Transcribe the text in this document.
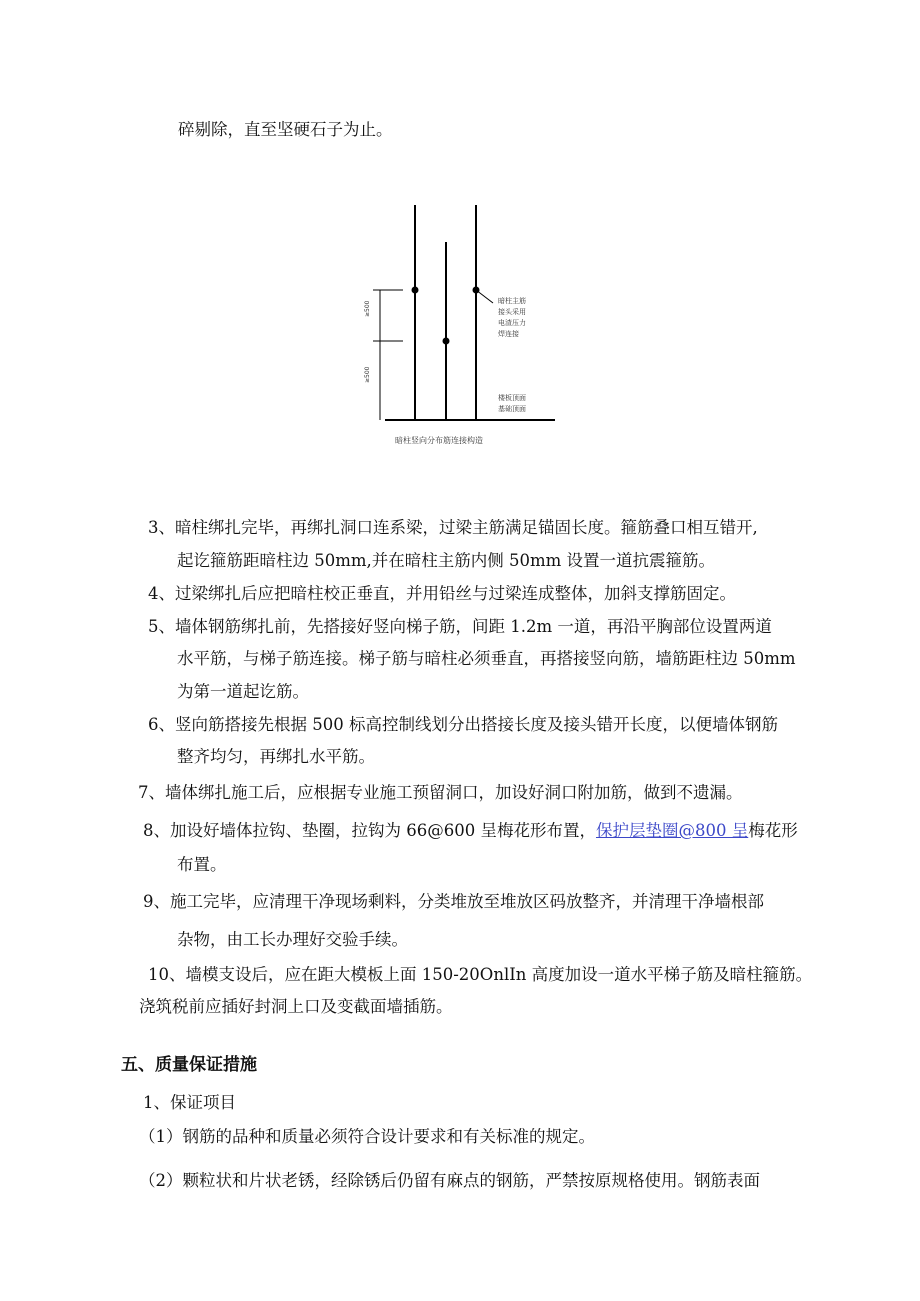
碎剔除，直至坚硬石子为止。
≥500
≥500
暗柱主筋
接头采用
电渣压力
焊连接
楼板顶面
基础顶面
暗柱竖向分布筋连接构造
3、暗柱绑扎完毕，再绑扎洞口连系梁，过梁主筋满足锚固长度。箍筋叠口相互错开,
起讫箍筋距暗柱边 50mm,并在暗柱主筋内侧 50mm 设置一道抗震箍筋。
4、过梁绑扎后应把暗柱校正垂直，并用铅丝与过梁连成整体，加斜支撑筋固定。
5、墙体钢筋绑扎前，先搭接好竖向梯子筋，间距 1.2m 一道，再沿平胸部位设置两道
水平筋，与梯子筋连接。梯子筋与暗柱必须垂直，再搭接竖向筋，墙筋距柱边 50mm
为第一道起讫筋。
6、竖向筋搭接先根据 500 标高控制线划分出搭接长度及接头错开长度，以便墙体钢筋
整齐均匀，再绑扎水平筋。
7、墙体绑扎施工后，应根据专业施工预留洞口，加设好洞口附加筋，做到不遗漏。
8、加设好墙体拉钩、垫圈，拉钩为 66@600 呈梅花形布置，保护层垫圈@800 呈梅花形
布置。
9、施工完毕，应清理干净现场剩料，分类堆放至堆放区码放整齐，并清理干净墙根部
杂物，由工长办理好交验手续。
10、墙模支设后，应在距大模板上面 150-20OnlIn 高度加设一道水平梯子筋及暗柱箍筋。
浇筑税前应插好封洞上口及变截面墙插筋。
五、质量保证措施
1、保证项目
（1）钢筋的品种和质量必须符合设计要求和有关标准的规定。
（2）颗粒状和片状老锈，经除锈后仍留有麻点的钢筋，严禁按原规格使用。钢筋表面
